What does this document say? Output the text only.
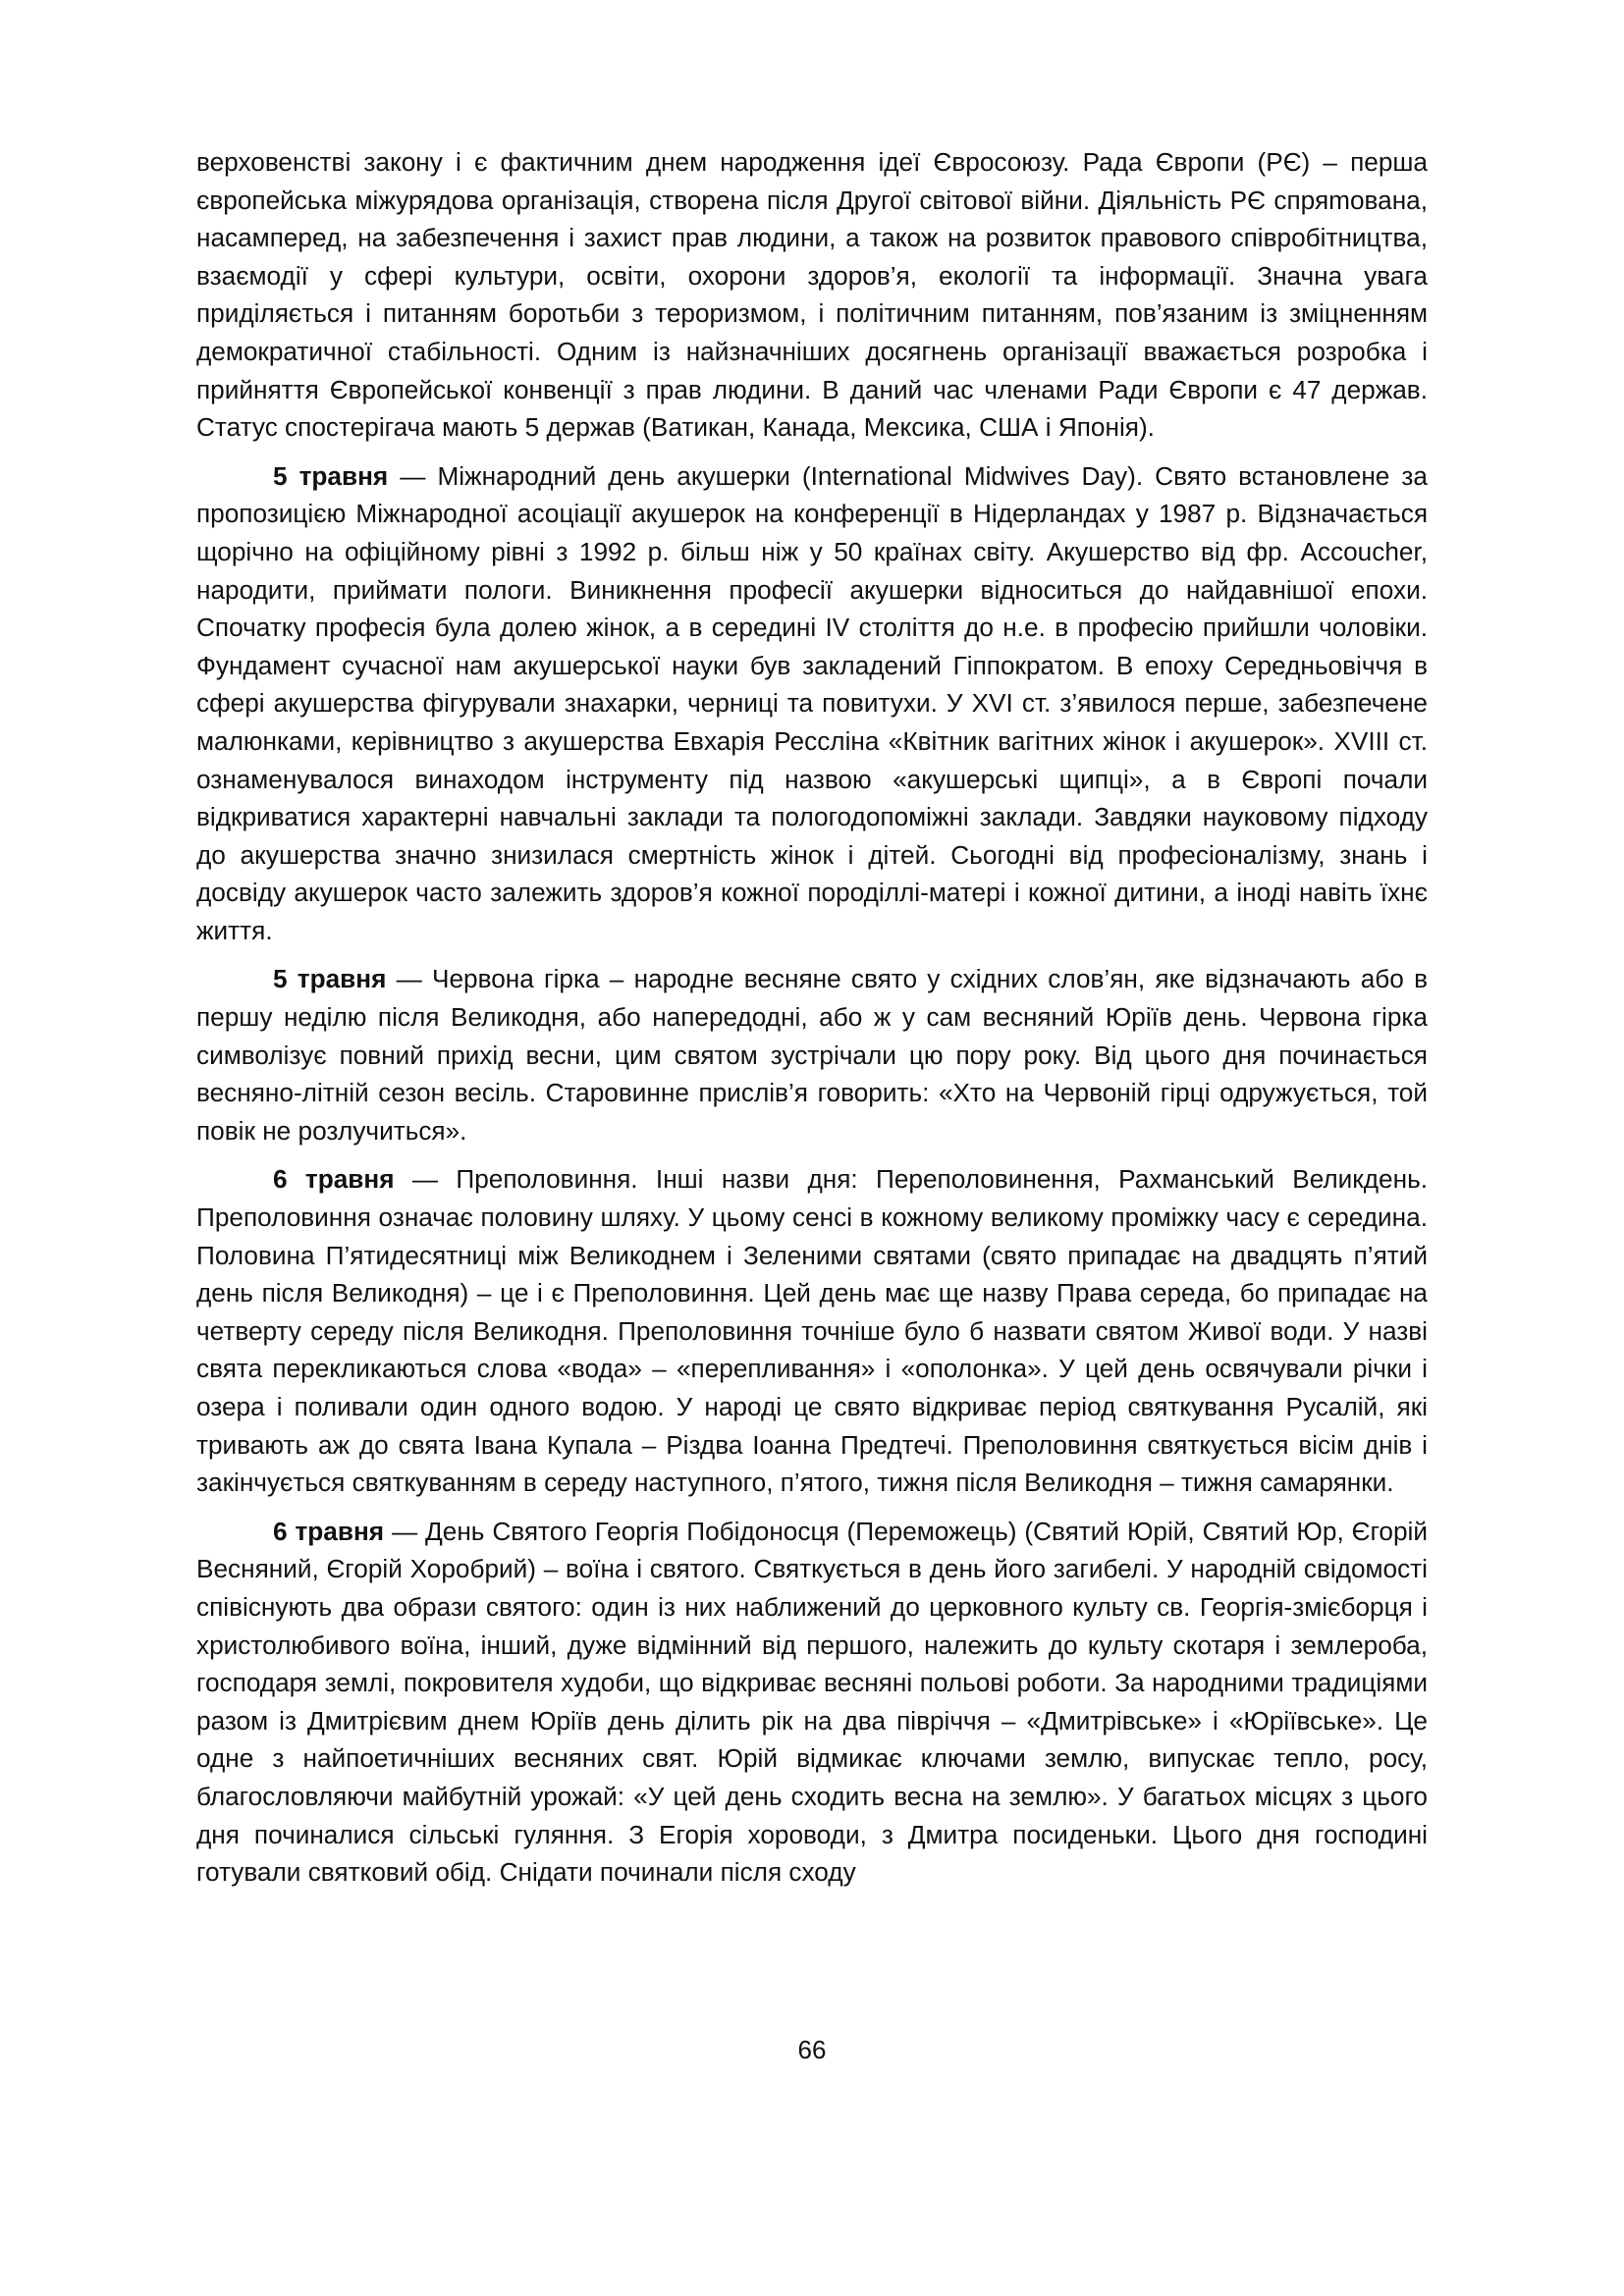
верховенстві закону і є фактичним днем народження ідеї Євросоюзу. Рада Європи (РЄ) – перша європейська міжурядова організація, створена після Другої світової війни. Діяльність РЄ спряmована, насамперед, на забезпечення і захист прав людини, а також на розвиток правового співробітництва, взаємодії у сфері культури, освіти, охорони здоров’я, екології та інформації. Значна увага приділяється і питанням боротьби з тероризмом, і політичним питанням, пов’язаним із зміцненням демократичної стабільності. Одним із найзначніших досягнень організації вважається розробка і прийняття Європейської конвенції з прав людини. В даний час членами Ради Європи є 47 держав. Статус спостерігача мають 5 держав (Ватикан, Канада, Мексика, США і Японія).

5 травня — Міжнародний день акушерки (International Midwives Day). Свято встановлене за пропозицією Міжнародної асоціації акушерок на конференції в Нідерландах у 1987 р. Відзначається щорічно на офіційному рівні з 1992 р. більш ніж у 50 країнах світу. Акушерство від фр. Accoucher, народити, приймати пологи. Виникнення професії акушерки відноситься до найдавнішої епохи. Спочатку професія була долею жінок, а в середині IV століття до н.е. в професію прийшли чоловіки. Фундамент сучасної нам акушерської науки був закладений Гіппократом. В епоху Середньовіччя в сфері акушерства фігурували знахарки, черниці та повитухи. У XVI ст. з’явилося перше, забезпечене малюнками, керівництво з акушерства Евхарія Ресcліна «Квітник вагітних жінок і акушерок». XVIII ст. ознаменувалося винаходом інструменту під назвою «акушерські щипці», а в Європі почали відкриватися характерні навчальні заклади та пологодопоміжні заклади. Завдяки науковому підходу до акушерства значно знизилася смертність жінок і дітей. Сьогодні від професіоналізму, знань і досвіду акушерок часто залежить здоров’я кожної породіллі-матері і кожної дитини, а іноді навіть їхнє життя.

5 травня — Червона гірка – народне весняне свято у східних слов’ян, яке відзначають або в першу неділю після Великодня, або напередодні, або ж у сам весняний Юріїв день. Червона гірка символізує повний прихід весни, цим святом зустрічали цю пору року. Від цього дня починається весняно-літній сезон весіль. Старовинне прислів’я говорить: «Хто на Червоній гірці одружується, той повік не розлучиться».

6 травня — Преполовиння. Інші назви дня: Переполовинення, Рахманський Великдень. Преполовиння означає половину шляху. У цьому сенсі в кожному великому проміжку часу є середина. Половина П’ятидесятниці між Великоднем і Зеленими святами (свято припадає на двадцять п’ятий день після Великодня) – це і є Преполовиння. Цей день має ще назву Права середа, бо припадає на четверту середу після Великодня. Преполовиння точніше було б назвати святом Живої води. У назві свята перекликаються слова «вода» – «перепливання» і «ополонка». У цей день освячували річки і озера і поливали один одного водою. У народі це свято відкриває період святкування Русалій, які тривають аж до свята Івана Купала – Різдва Іоанна Предтечі. Преполовиння святкується вісім днів і закінчується святкуванням в середу наступного, п’ятого, тижня після Великодня – тижня самарянки.

6 травня — День Святого Георгія Побідоносця (Переможець) (Святий Юрій, Святий Юр, Єгорій Весняний, Єгорій Хоробрий) – воїна і святого. Святкується в день його загибелі. У народній свідомості співіснують два образи святого: один із них наближений до церковного культу св. Георгія-змієборця і христолюбивого воїна, інший, дуже відмінний від першого, належить до культу скотаря і землероба, господаря землі, покровителя худоби, що відкриває весняні польові роботи. За народними традиціями разом із Дмитрієвим днем Юріїв день ділить рік на два півріччя – «Дмитрівське» і «Юріївське». Це одне з найпоетичніших весняних свят. Юрій відмикає ключами землю, випускає тепло, росу, благословляючи майбутній урожай: «У цей день сходить весна на землю». У багатьох місцях з цього дня починалися сільські гуляння. З Егорія хороводи, з Дмитра посиденьки. Цього дня господині готували святковий обід. Снідати починали після сходу

66
